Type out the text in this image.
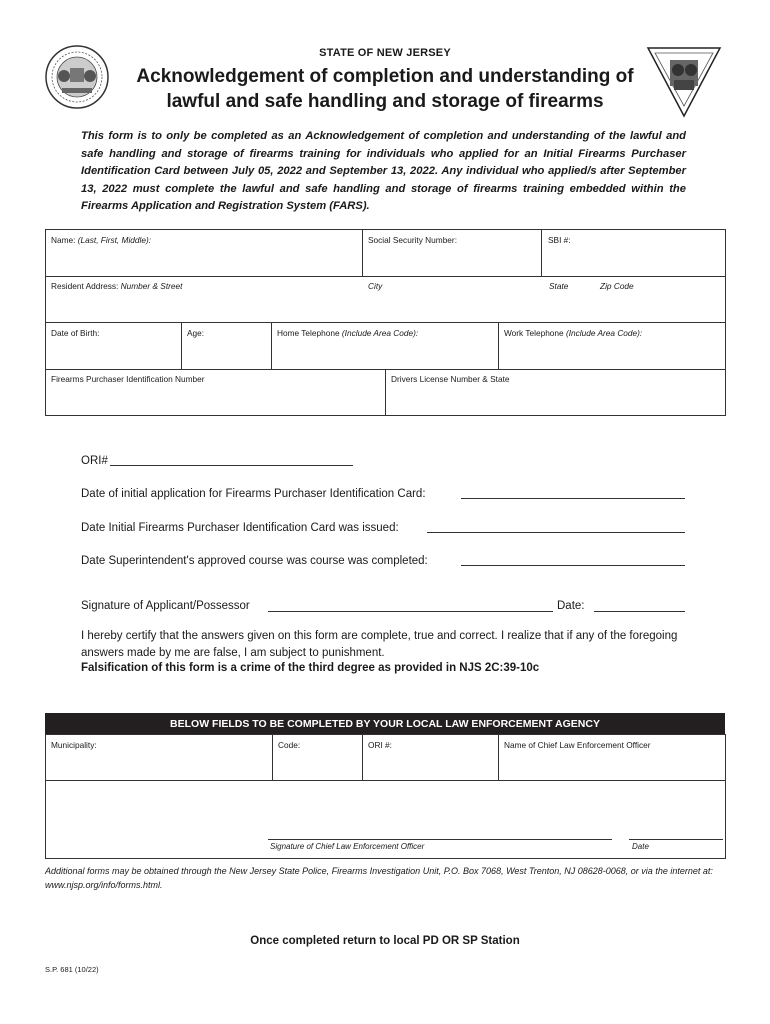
STATE OF NEW JERSEY
Acknowledgement of completion and understanding of
lawful and safe handling and storage of firearms
This form is to only be completed as an Acknowledgement of completion and understanding of the lawful and safe handling and storage of firearms training for individuals who applied for an Initial Firearms Purchaser Identification Card between July 05, 2022 and September 13, 2022. Any individual who applied/s after September 13, 2022 must complete the lawful and safe handling and storage of firearms training embedded within the Firearms Application and Registration System (FARS).
Name: (Last, First, Middle):	Social Security Number:	SBI #:
Resident Address: Number & Street	City	State	Zip Code
Date of Birth:	Age:	Home Telephone (Include Area Code):	Work Telephone (Include Area Code):
Firearms Purchaser Identification Number	Drivers License Number & State
ORI#
Date of initial application for Firearms Purchaser Identification Card:
Date Initial Firearms Purchaser Identification Card was issued:
Date Superintendent's approved course was course was completed:
Signature of Applicant/Possessor	Date:
I hereby certify that the answers given on this form are complete, true and correct. I realize that if any of the foregoing answers made by me are false, I am subject to punishment.
Falsification of this form is a crime of the third degree as provided in NJS 2C:39-10c
BELOW FIELDS TO BE COMPLETED BY YOUR LOCAL LAW ENFORCEMENT AGENCY
Municipality:	Code:	ORI #:	Name of Chief Law Enforcement Officer
Signature of Chief Law Enforcement Officer	Date
Additional forms may be obtained through the New Jersey State Police, Firearms Investigation Unit, P.O. Box 7068, West Trenton, NJ 08628-0068, or via the internet at: www.njsp.org/info/forms.html.
Once completed return to local PD OR SP Station
S.P. 681 (10/22)
